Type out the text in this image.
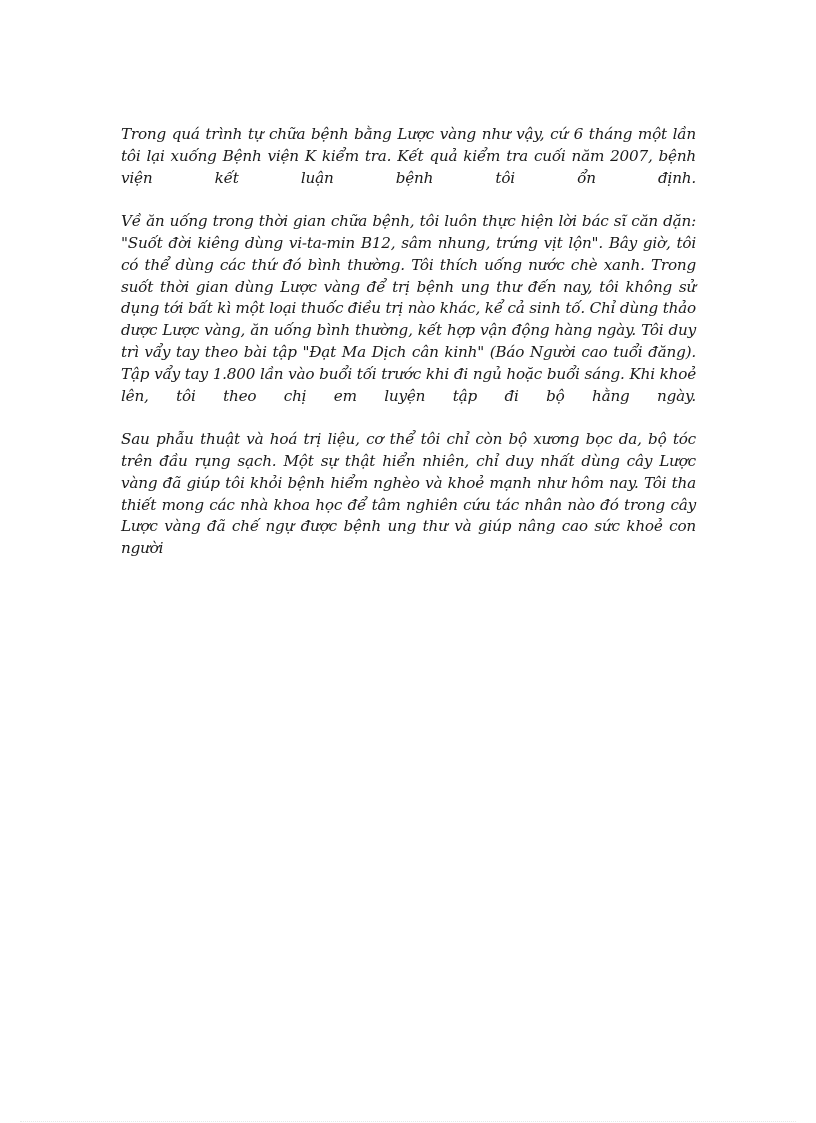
Trong quá trình tự chữa bệnh bằng Lược vàng như vậy, cứ 6 tháng một lần tôi lại xuống Bệnh viện K kiểm tra. Kết quả kiểm tra cuối năm 2007, bệnh viện kết luận bệnh tôi ổn định.

Về ăn uống trong thời gian chữa bệnh, tôi luôn thực hiện lời bác sĩ căn dặn: "Suốt đời kiêng dùng vi-ta-min B12, sâm nhung, trứng vịt lộn". Bây giờ, tôi có thể dùng các thứ đó bình thường. Tôi thích uống nước chè xanh. Trong suốt thời gian dùng Lược vàng để trị bệnh ung thư đến nay, tôi không sử dụng tới bất kì một loại thuốc điều trị nào khác, kể cả sinh tố. Chỉ dùng thảo dược Lược vàng, ăn uống bình thường, kết hợp vận động hàng ngày. Tôi duy trì vẩy tay theo bài tập "Đạt Ma Dịch cân kinh" (Báo Người cao tuổi đăng). Tập vẩy tay 1.800 lần vào buổi tối trước khi đi ngủ hoặc buổi sáng. Khi khoẻ lên, tôi theo chị em luyện tập đi bộ hằng ngày.

Sau phẫu thuật và hoá trị liệu, cơ thể tôi chỉ còn bộ xương bọc da, bộ tóc trên đầu rụng sạch. Một sự thật hiển nhiên, chỉ duy nhất dùng cây Lược vàng đã giúp tôi khỏi bệnh hiểm nghèo và khoẻ mạnh như hôm nay. Tôi tha thiết mong các nhà khoa học để tâm nghiên cứu tác nhân nào đó trong cây Lược vàng đã chế ngự được bệnh ung thư và giúp nâng cao sức khoẻ con người
